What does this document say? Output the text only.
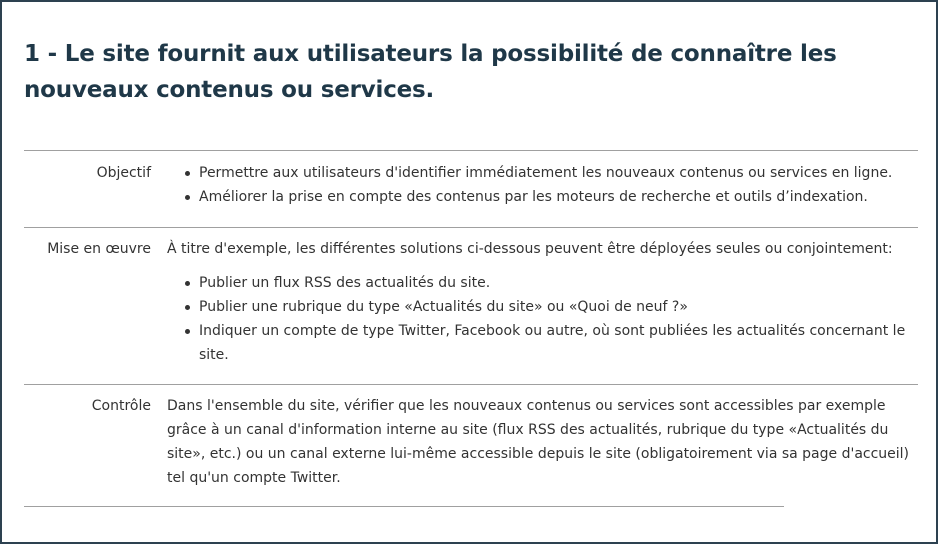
1 - Le site fournit aux utilisateurs la possibilité de connaître les nouveaux contenus ou services.
Objectif	Permettre aux utilisateurs d'identifier immédiatement les nouveaux contenus ou services en ligne.
Améliorer la prise en compte des contenus par les moteurs de recherche et outils d’indexation.
Mise en œuvre	À titre d'exemple, les différentes solutions ci-dessous peuvent être déployées seules ou conjointement:

Publier un flux RSS des actualités du site.
Publier une rubrique du type «Actualités du site» ou «Quoi de neuf ?»
Indiquer un compte de type Twitter, Facebook ou autre, où sont publiées les actualités concernant le site.
Contrôle	Dans l'ensemble du site, vérifier que les nouveaux contenus ou services sont accessibles par exemple grâce à un canal d'information interne au site (flux RSS des actualités, rubrique du type «Actualités du site», etc.) ou un canal externe lui-même accessible depuis le site (obligatoirement via sa page d'accueil) tel qu'un compte Twitter.
